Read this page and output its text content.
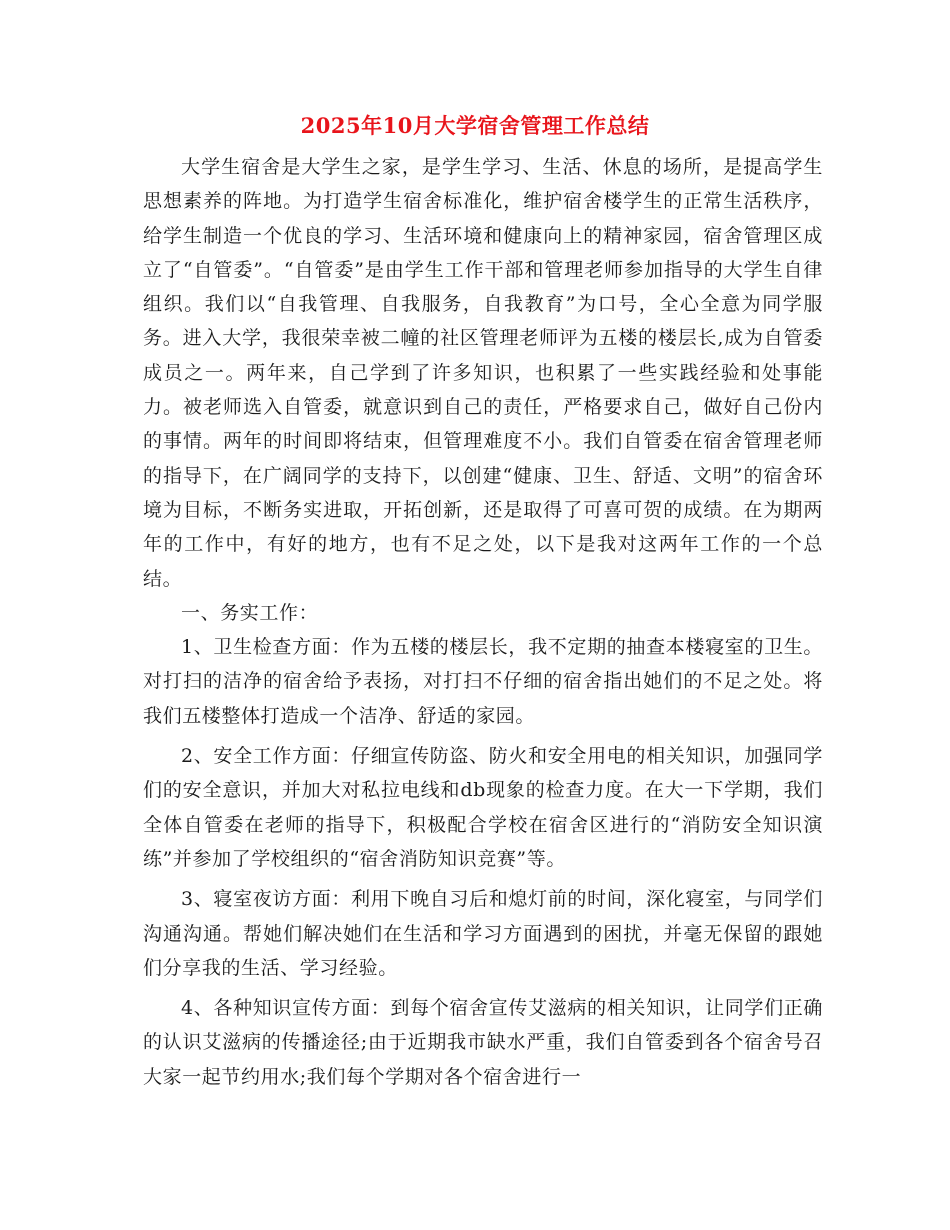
2025年10月大学宿舍管理工作总结

大学生宿舍是大学生之家，是学生学习、生活、休息的场所，是提高学生思想素养的阵地。为打造学生宿舍标准化，维护宿舍楼学生的正常生活秩序，给学生制造一个优良的学习、生活环境和健康向上的精神家园，宿舍管理区成立了“自管委”。“自管委”是由学生工作干部和管理老师参加指导的大学生自律组织。我们以“自我管理、自我服务，自我教育”为口号，全心全意为同学服务。进入大学，我很荣幸被二幢的社区管理老师评为五楼的楼层长,成为自管委成员之一。两年来，自己学到了许多知识，也积累了一些实践经验和处事能力。被老师选入自管委，就意识到自己的责任，严格要求自己，做好自己份内的事情。两年的时间即将结束，但管理难度不小。我们自管委在宿舍管理老师的指导下，在广阔同学的支持下，以创建“健康、卫生、舒适、文明”的宿舍环境为目标，不断务实进取，开拓创新，还是取得了可喜可贺的成绩。在为期两年的工作中，有好的地方，也有不足之处，以下是我对这两年工作的一个总结。

一、务实工作：

1、卫生检查方面：作为五楼的楼层长，我不定期的抽查本楼寝室的卫生。对打扫的洁净的宿舍给予表扬，对打扫不仔细的宿舍指出她们的不足之处。将我们五楼整体打造成一个洁净、舒适的家园。

2、安全工作方面：仔细宣传防盗、防火和安全用电的相关知识，加强同学们的安全意识，并加大对私拉电线和db现象的检查力度。在大一下学期，我们全体自管委在老师的指导下，积极配合学校在宿舍区进行的“消防安全知识演练”并参加了学校组织的“宿舍消防知识竞赛”等。

3、寝室夜访方面：利用下晚自习后和熄灯前的时间，深化寝室，与同学们沟通沟通。帮她们解决她们在生活和学习方面遇到的困扰，并毫无保留的跟她们分享我的生活、学习经验。

4、各种知识宣传方面：到每个宿舍宣传艾滋病的相关知识，让同学们正确的认识艾滋病的传播途径;由于近期我市缺水严重，我们自管委到各个宿舍号召大家一起节约用水;我们每个学期对各个宿舍进行一
